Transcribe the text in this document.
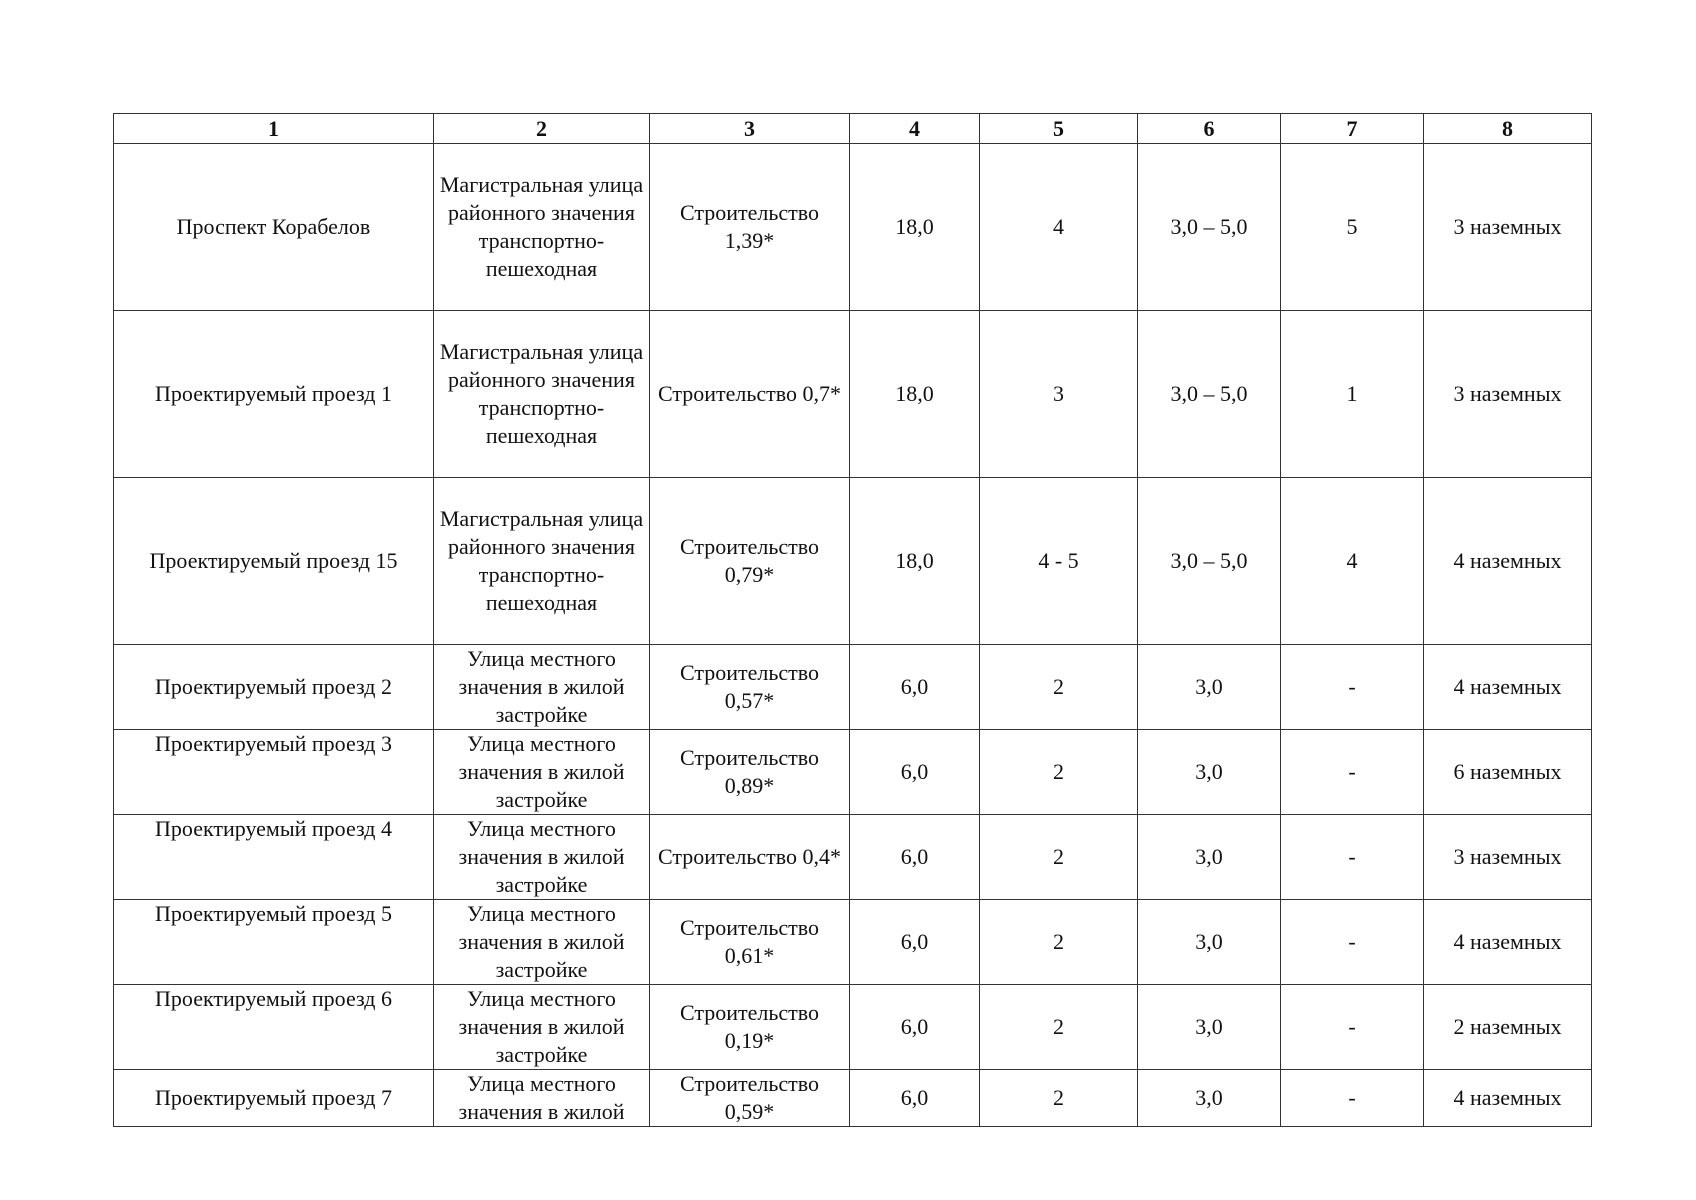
1	2	3	4	5	6	7	8
Проспект Корабелов	Магистральная улица районного значения транспортно-пешеходная	Строительство 1,39*	18,0	4	3,0 – 5,0	5	3 наземных
Проектируемый проезд 1	Магистральная улица районного значения транспортно-пешеходная	Строительство 0,7*	18,0	3	3,0 – 5,0	1	3 наземных
Проектируемый проезд 15	Магистральная улица районного значения транспортно-пешеходная	Строительство 0,79*	18,0	4 - 5	3,0 – 5,0	4	4 наземных
Проектируемый проезд 2	Улица местного значения в жилой застройке	Строительство 0,57*	6,0	2	3,0	-	4 наземных
Проектируемый проезд 3	Улица местного значения в жилой застройке	Строительство 0,89*	6,0	2	3,0	-	6 наземных
Проектируемый проезд 4	Улица местного значения в жилой застройке	Строительство 0,4*	6,0	2	3,0	-	3 наземных
Проектируемый проезд 5	Улица местного значения в жилой застройке	Строительство 0,61*	6,0	2	3,0	-	4 наземных
Проектируемый проезд 6	Улица местного значения в жилой застройке	Строительство 0,19*	6,0	2	3,0	-	2 наземных
Проектируемый проезд 7	Улица местного значения в жилой	Строительство 0,59*	6,0	2	3,0	-	4 наземных
